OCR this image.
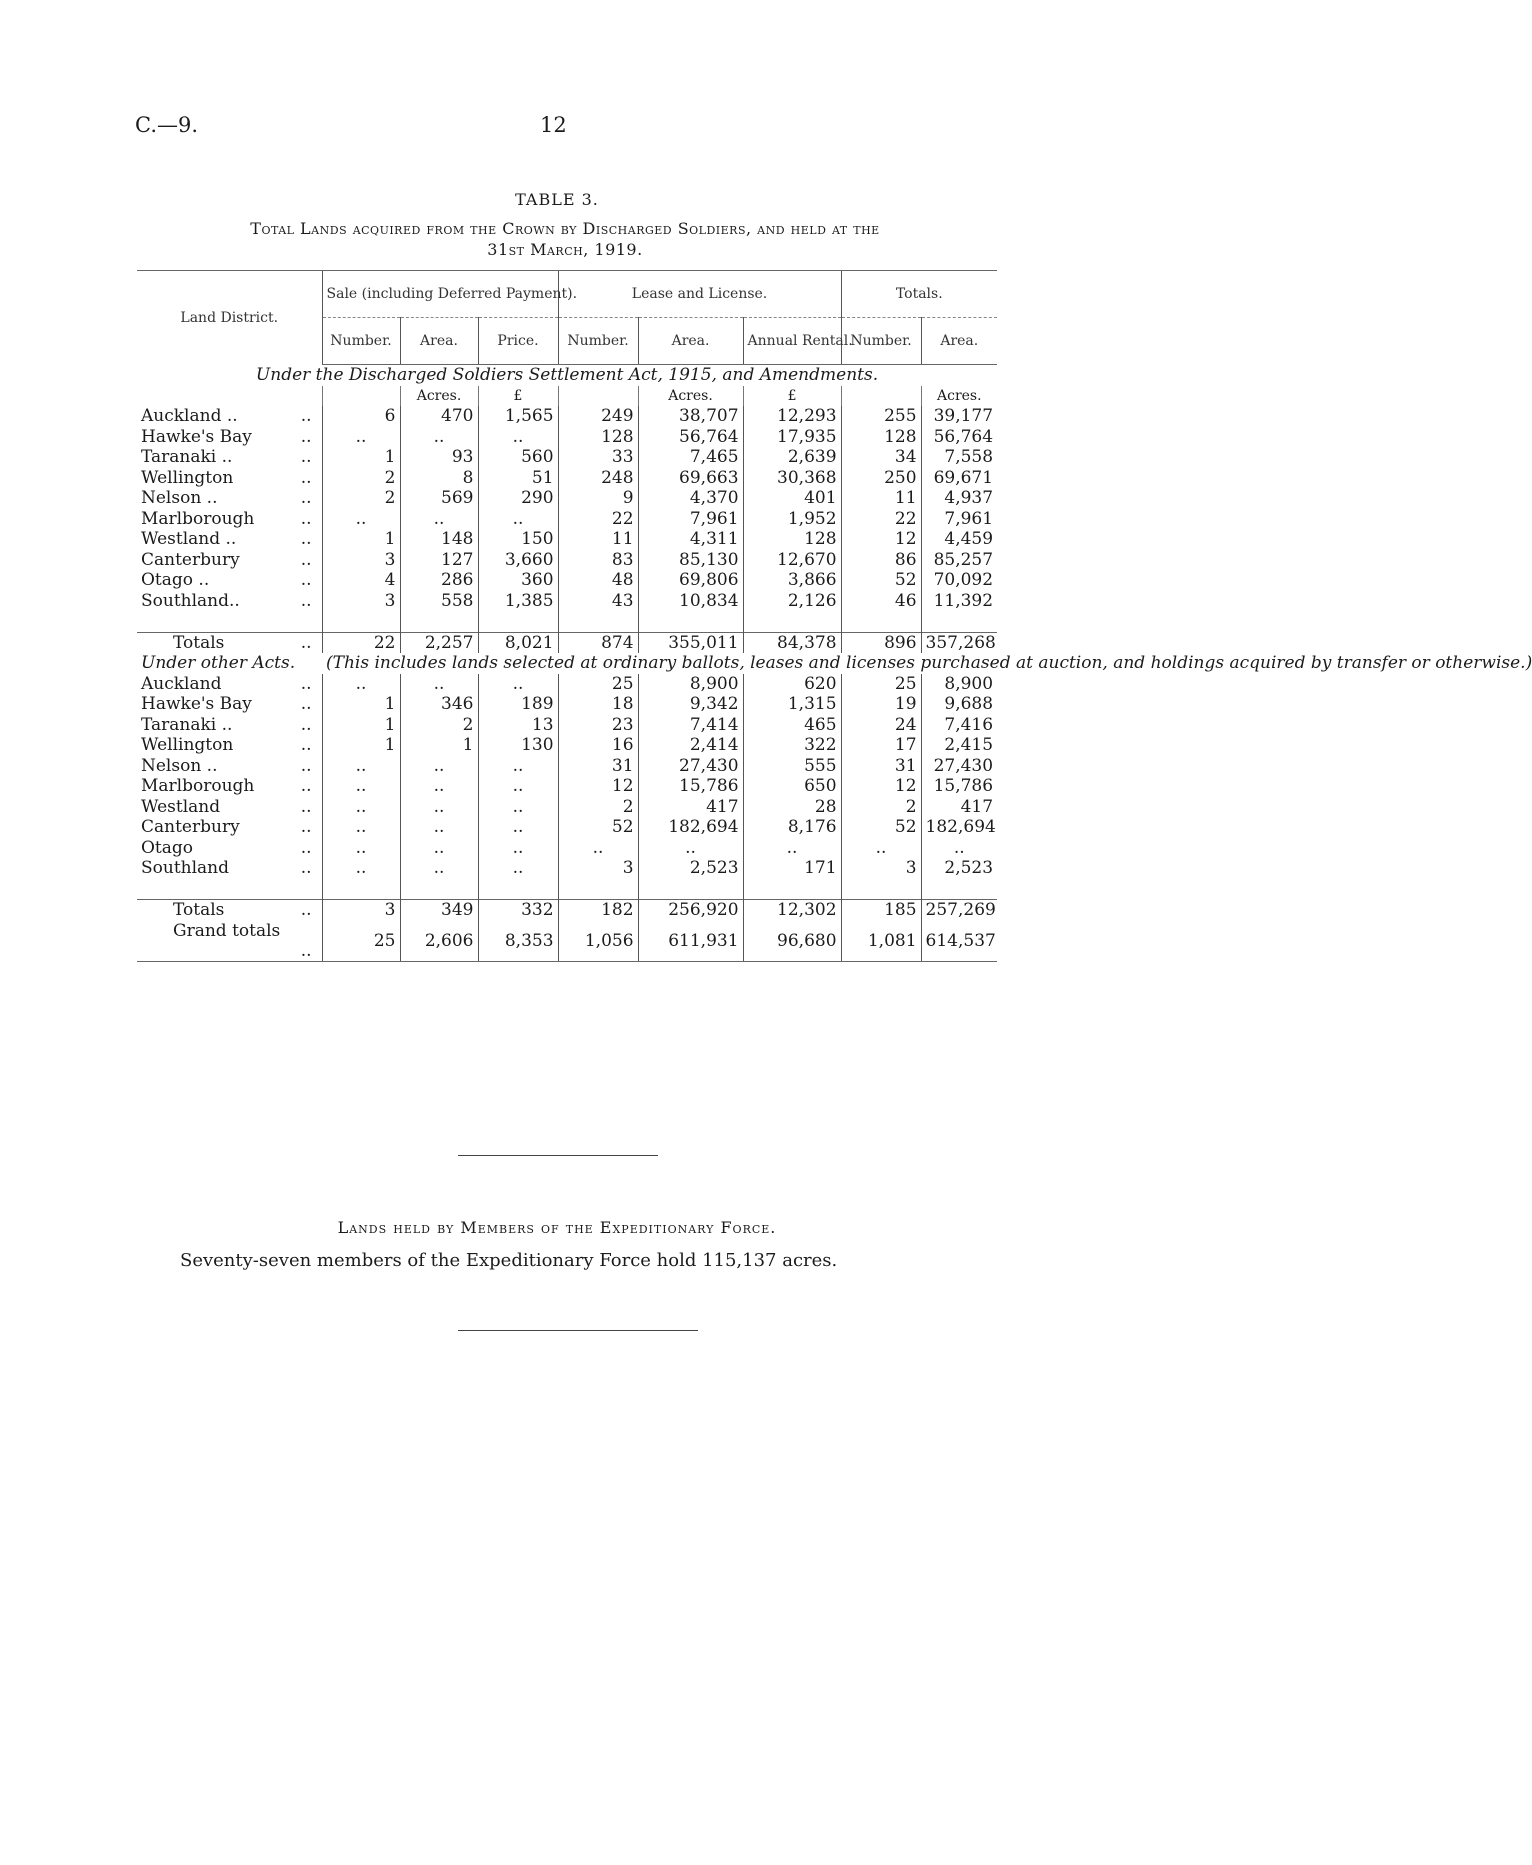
C.—9.	12
TABLE 3.
Total Lands acquired from the Crown by Discharged Soldiers, and held at the
31st March, 1919.
Land District.	Sale (including Deferred Payment).			Lease and License.			Totals.	
	Number.	Area.	Price.	Number.	Area.	Annual Rental.	Number.	Area.
Under the Discharged Soldiers Settlement Act, 1915, and Amendments.								
		Acres.	£		Acres.	£		Acres.
Auckland .. ..	6	470	1,565	249	38,707	12,293	255	39,177
Hawke's Bay ..	..	..	..	128	56,764	17,935	128	56,764
Taranaki .. ..	1	93	560	33	7,465	2,639	34	7,558
Wellington ..	2	8	51	248	69,663	30,368	250	69,671
Nelson .. ..	2	569	290	9	4,370	401	11	4,937
Marlborough ..	..	..	..	22	7,961	1,952	22	7,961
Westland .. ..	1	148	150	11	4,311	128	12	4,459
Canterbury ..	3	127	3,660	83	85,130	12,670	86	85,257
Otago .. ..	4	286	360	48	69,806	3,866	52	70,092
Southland.. ..	3	558	1,385	43	10,834	2,126	46	11,392

Totals ..	22	2,257	8,021	874	355,011	84,378	896	357,268
Under other Acts.	(This includes lands selected at ordinary ballots, leases and licenses purchased at auction, and holdings acquired by transfer or otherwise.)							
Auckland ..	..	..	..	25	8,900	620	25	8,900
Hawke's Bay ..	1	346	189	18	9,342	1,315	19	9,688
Taranaki .. ..	1	2	13	23	7,414	465	24	7,416
Wellington ..	1	1	130	16	2,414	322	17	2,415
Nelson .. ..	..	..	..	31	27,430	555	31	27,430
Marlborough ..	..	..	..	12	15,786	650	12	15,786
Westland ..	..	..	..	2	417	28	2	417
Canterbury ..	..	..	..	52	182,694	8,176	52	182,694
Otago ..	..	..	..	..	..	..	..	..
Southland ..	..	..	..	3	2,523	171	3	2,523

Totals ..	3	349	332	182	256,920	12,302	185	257,269
Grand totals
..	25	2,606	8,353	1,056	611,931	96,680	1,081	614,537
Lands held by Members of the Expeditionary Force.
Seventy-seven members of the Expeditionary Force hold 115,137 acres.
